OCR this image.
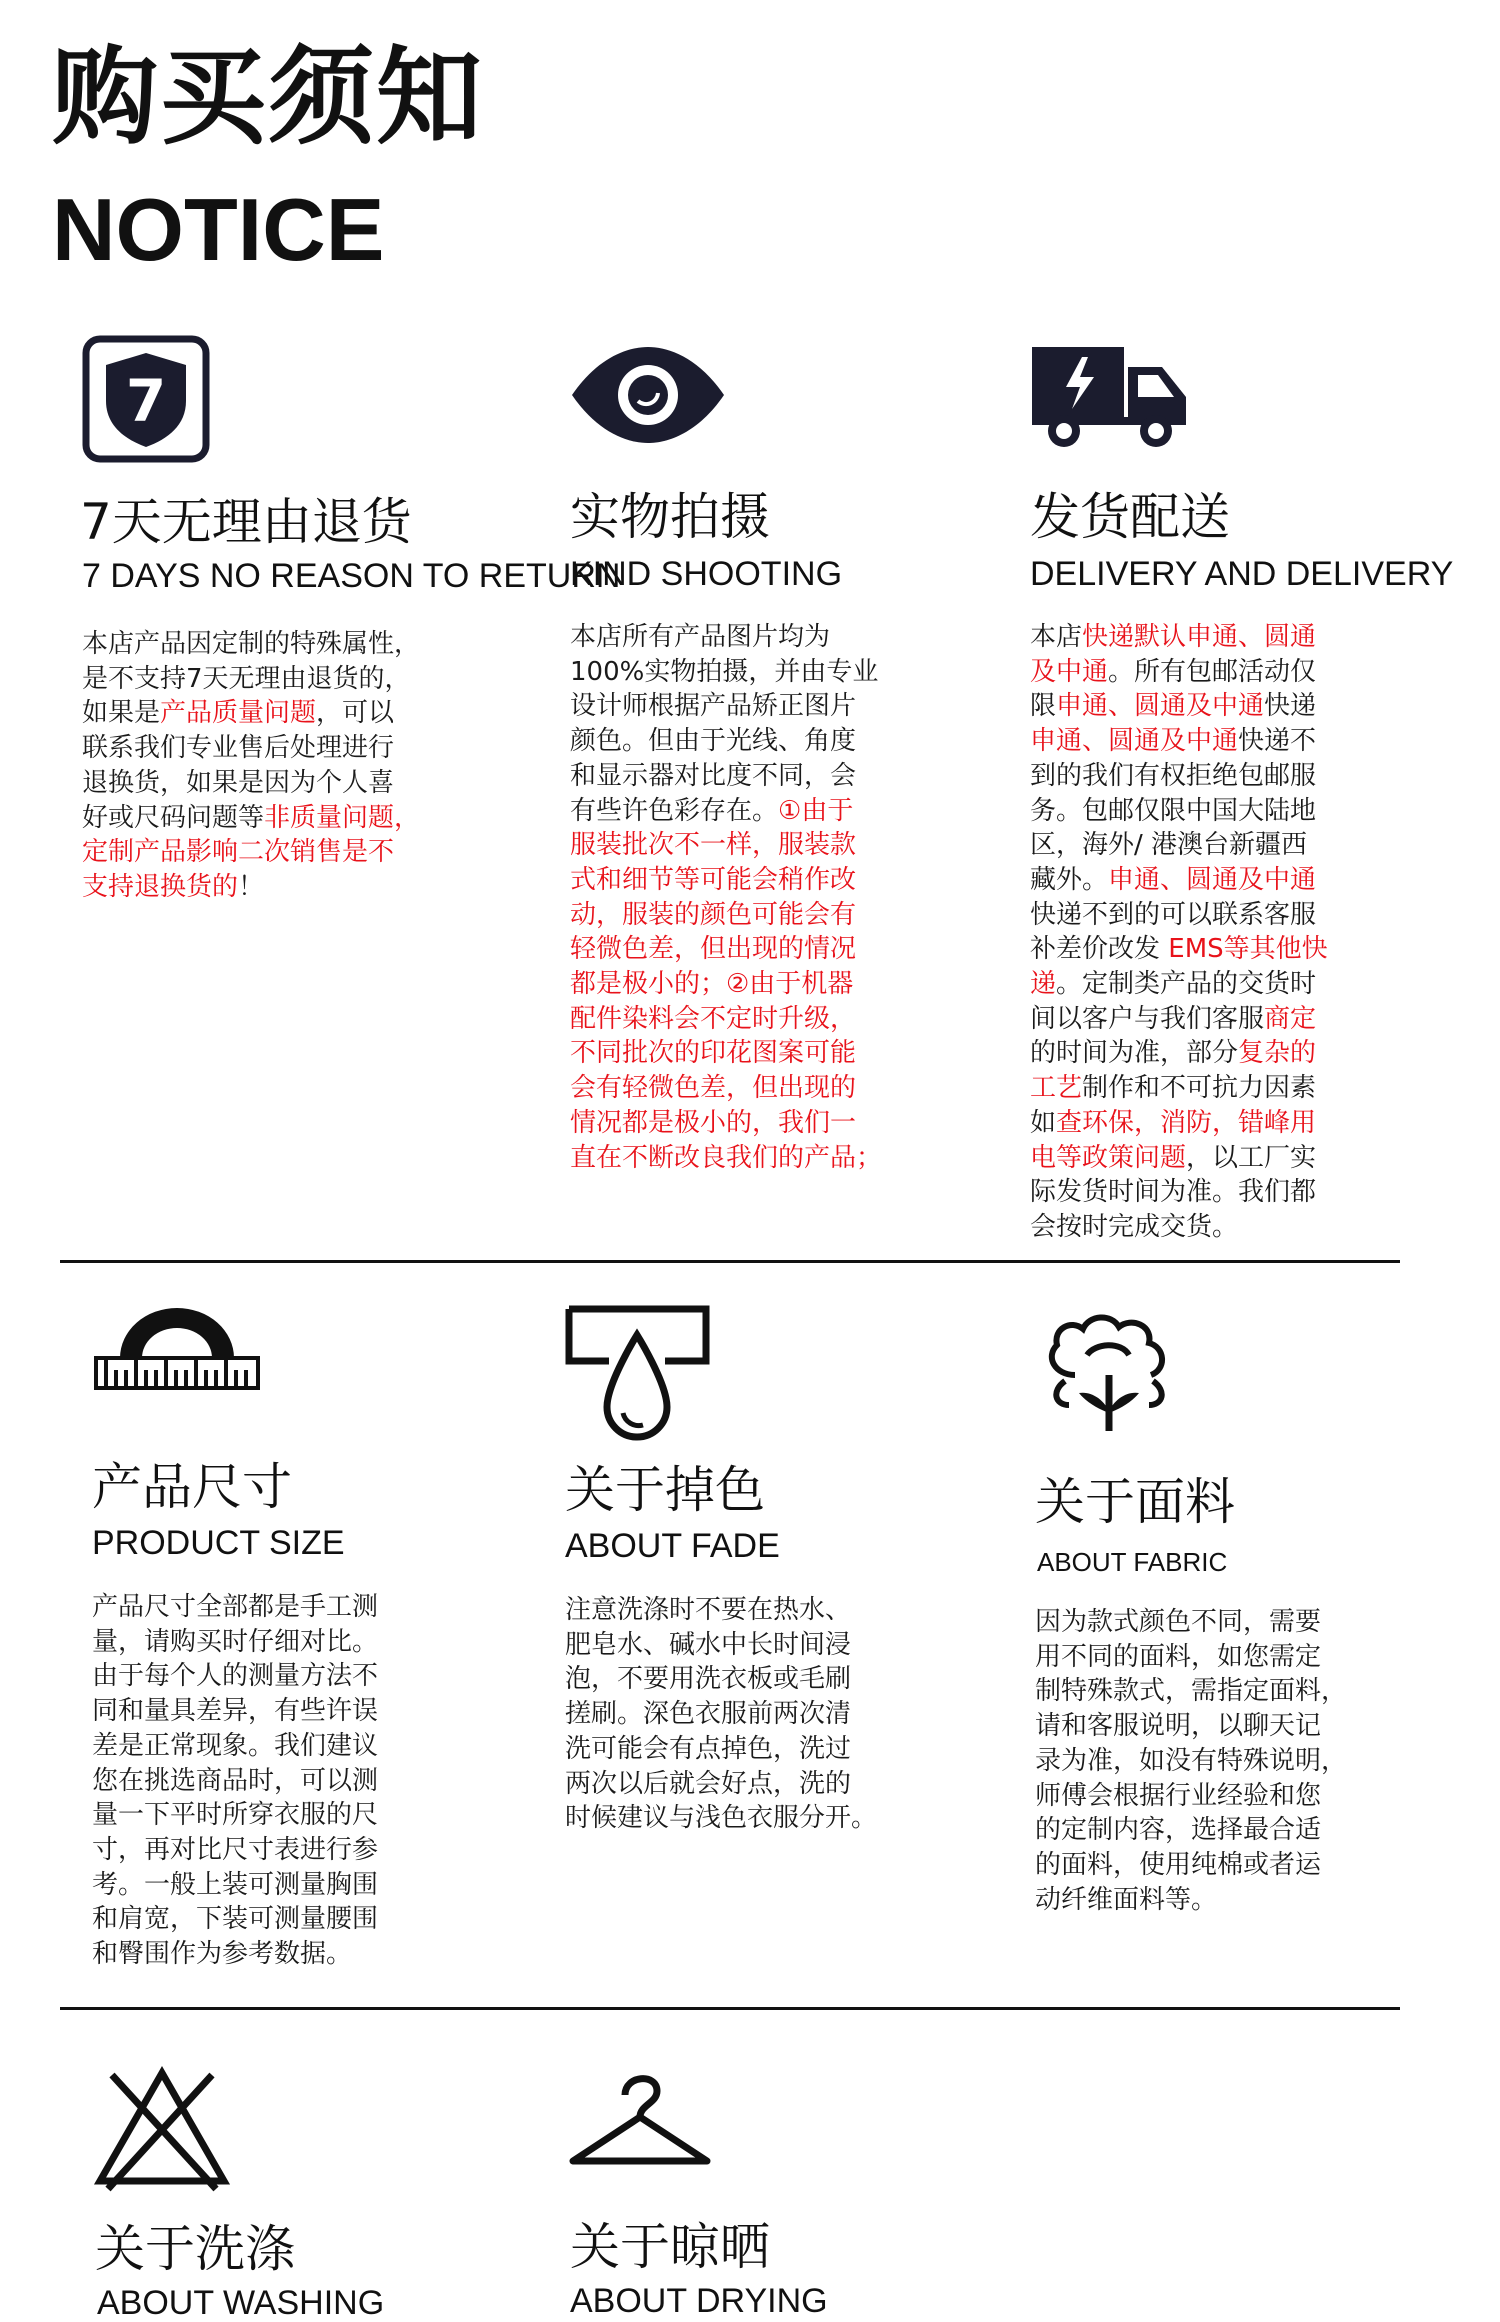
购买须知
NOTICE
7
7天无理由退货
7 DAYS NO REASON TO RETURN
本店产品因定制的特殊属性，
是不支持7天无理由退货的，
如果是产品质量问题，可以
联系我们专业售后处理进行
退换货，如果是因为个人喜
好或尺码问题等非质量问题，
定制产品影响二次销售是不
支持退换货的！
实物拍摄
KIND SHOOTING
本店所有产品图片均为
100%实物拍摄，并由专业
设计师根据产品矫正图片
颜色。但由于光线、角度
和显示器对比度不同，会
有些许色彩存在。①由于
服装批次不一样，服装款
式和细节等可能会稍作改
动，服装的颜色可能会有
轻微色差，但出现的情况
都是极小的；②由于机器
配件染料会不定时升级，
不同批次的印花图案可能
会有轻微色差，但出现的
情况都是极小的，我们一
直在不断改良我们的产品；
发货配送
DELIVERY AND DELIVERY
本店快递默认申通、圆通
及中通。所有包邮活动仅
限申通、圆通及中通快递
申通、圆通及中通快递不
到的我们有权拒绝包邮服
务。包邮仅限中国大陆地
区，海外/ 港澳台新疆西
藏外。申通、圆通及中通
快递不到的可以联系客服
补差价改发 EMS等其他快
递。定制类产品的交货时
间以客户与我们客服商定
的时间为准，部分复杂的
工艺制作和不可抗力因素
如查环保，消防，错峰用
电等政策问题，以工厂实
际发货时间为准。我们都
会按时完成交货。
产品尺寸
PRODUCT SIZE
产品尺寸全部都是手工测
量，请购买时仔细对比。
由于每个人的测量方法不
同和量具差异，有些许误
差是正常现象。我们建议
您在挑选商品时，可以测
量一下平时所穿衣服的尺
寸，再对比尺寸表进行参
考。一般上装可测量胸围
和肩宽，下装可测量腰围
和臀围作为参考数据。
关于掉色
ABOUT FADE
注意洗涤时不要在热水、
肥皂水、碱水中长时间浸
泡，不要用洗衣板或毛刷
搓刷。深色衣服前两次清
洗可能会有点掉色，洗过
两次以后就会好点，洗的
时候建议与浅色衣服分开。
关于面料
ABOUT FABRIC
因为款式颜色不同，需要
用不同的面料，如您需定
制特殊款式，需指定面料，
请和客服说明，以聊天记
录为准，如没有特殊说明，
师傅会根据行业经验和您
的定制内容，选择最合适
的面料，使用纯棉或者运
动纤维面料等。
关于洗涤
ABOUT WASHING
关于晾晒
ABOUT DRYING
